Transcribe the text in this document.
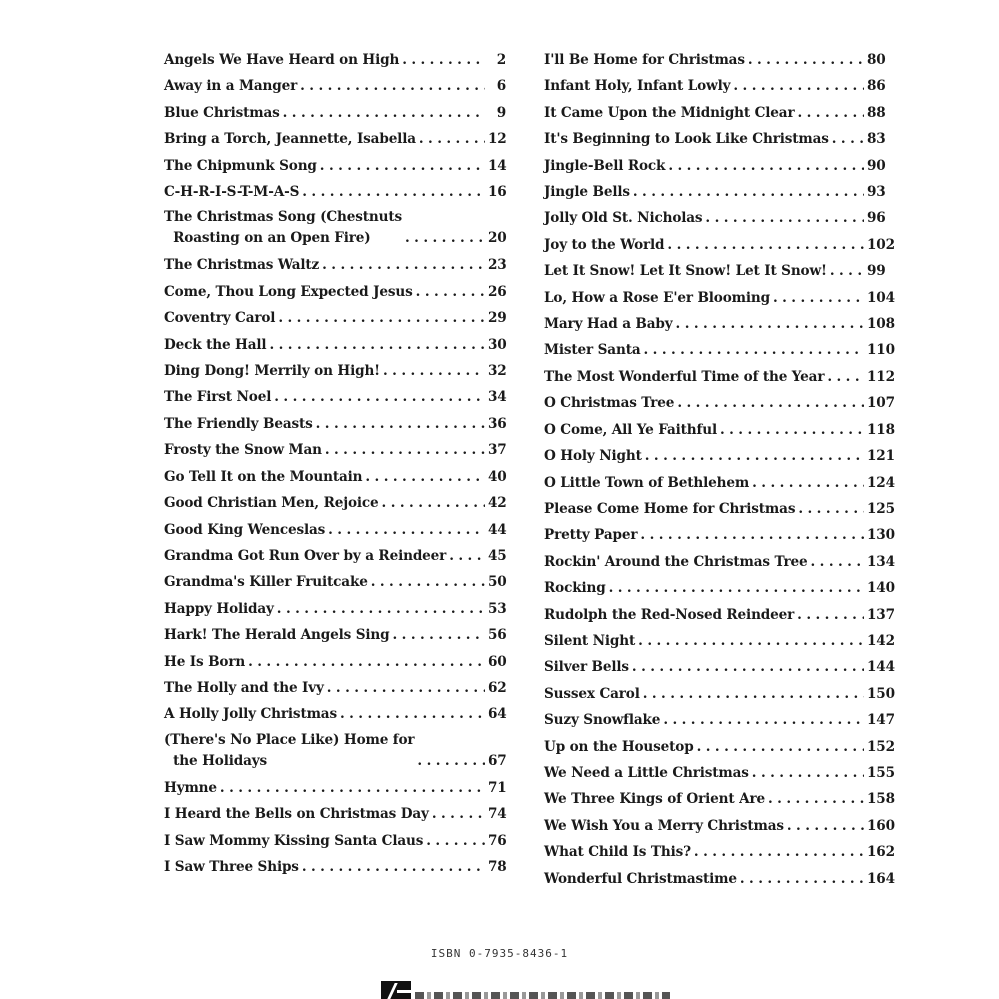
Angels We Have Heard on High . . .	2
Away in a Manger . . .	6
Blue Christmas . . .	9
Bring a Torch, Jeannette, Isabella . . .	12
The Chipmunk Song . . .	14
C-H-R-I-S-T-M-A-S . . .	16
The Christmas Song (Chestnuts
Roasting on an Open Fire) . . .	20
The Christmas Waltz . . .	23
Come, Thou Long Expected Jesus . . .	26
Coventry Carol . . .	29
Deck the Hall . . .	30
Ding Dong! Merrily on High! . . .	32
The First Noel . . .	34
The Friendly Beasts . . .	36
Frosty the Snow Man . . .	37
Go Tell It on the Mountain . . .	40
Good Christian Men, Rejoice . . .	42
Good King Wenceslas . . .	44
Grandma Got Run Over by a Reindeer . . .	45
Grandma's Killer Fruitcake . . .	50
Happy Holiday . . .	53
Hark! The Herald Angels Sing . . .	56
He Is Born . . .	60
The Holly and the Ivy . . .	62
A Holly Jolly Christmas . . .	64
(There's No Place Like) Home for
the Holidays . . .	67
Hymne . . .	71
I Heard the Bells on Christmas Day . . .	74
I Saw Mommy Kissing Santa Claus . . .	76
I Saw Three Ships . . .	78
I'll Be Home for Christmas . . .	80
Infant Holy, Infant Lowly . . .	86
It Came Upon the Midnight Clear . . .	88
It's Beginning to Look Like Christmas . . .	83
Jingle-Bell Rock . . .	90
Jingle Bells . . .	93
Jolly Old St. Nicholas . . .	96
Joy to the World . . .	102
Let It Snow! Let It Snow! Let It Snow! . . .	99
Lo, How a Rose E'er Blooming . . .	104
Mary Had a Baby . . .	108
Mister Santa . . .	110
The Most Wonderful Time of the Year . . .	112
O Christmas Tree . . .	107
O Come, All Ye Faithful . . .	118
O Holy Night . . .	121
O Little Town of Bethlehem . . .	124
Please Come Home for Christmas . . .	125
Pretty Paper . . .	130
Rockin' Around the Christmas Tree . . .	134
Rocking . . .	140
Rudolph the Red-Nosed Reindeer . . .	137
Silent Night . . .	142
Silver Bells . . .	144
Sussex Carol . . .	150
Suzy Snowflake . . .	147
Up on the Housetop . . .	152
We Need a Little Christmas . . .	155
We Three Kings of Orient Are . . .	158
We Wish You a Merry Christmas . . .	160
What Child Is This? . . .	162
Wonderful Christmastime . . .	164
ISBN 0-7935-8436-1
